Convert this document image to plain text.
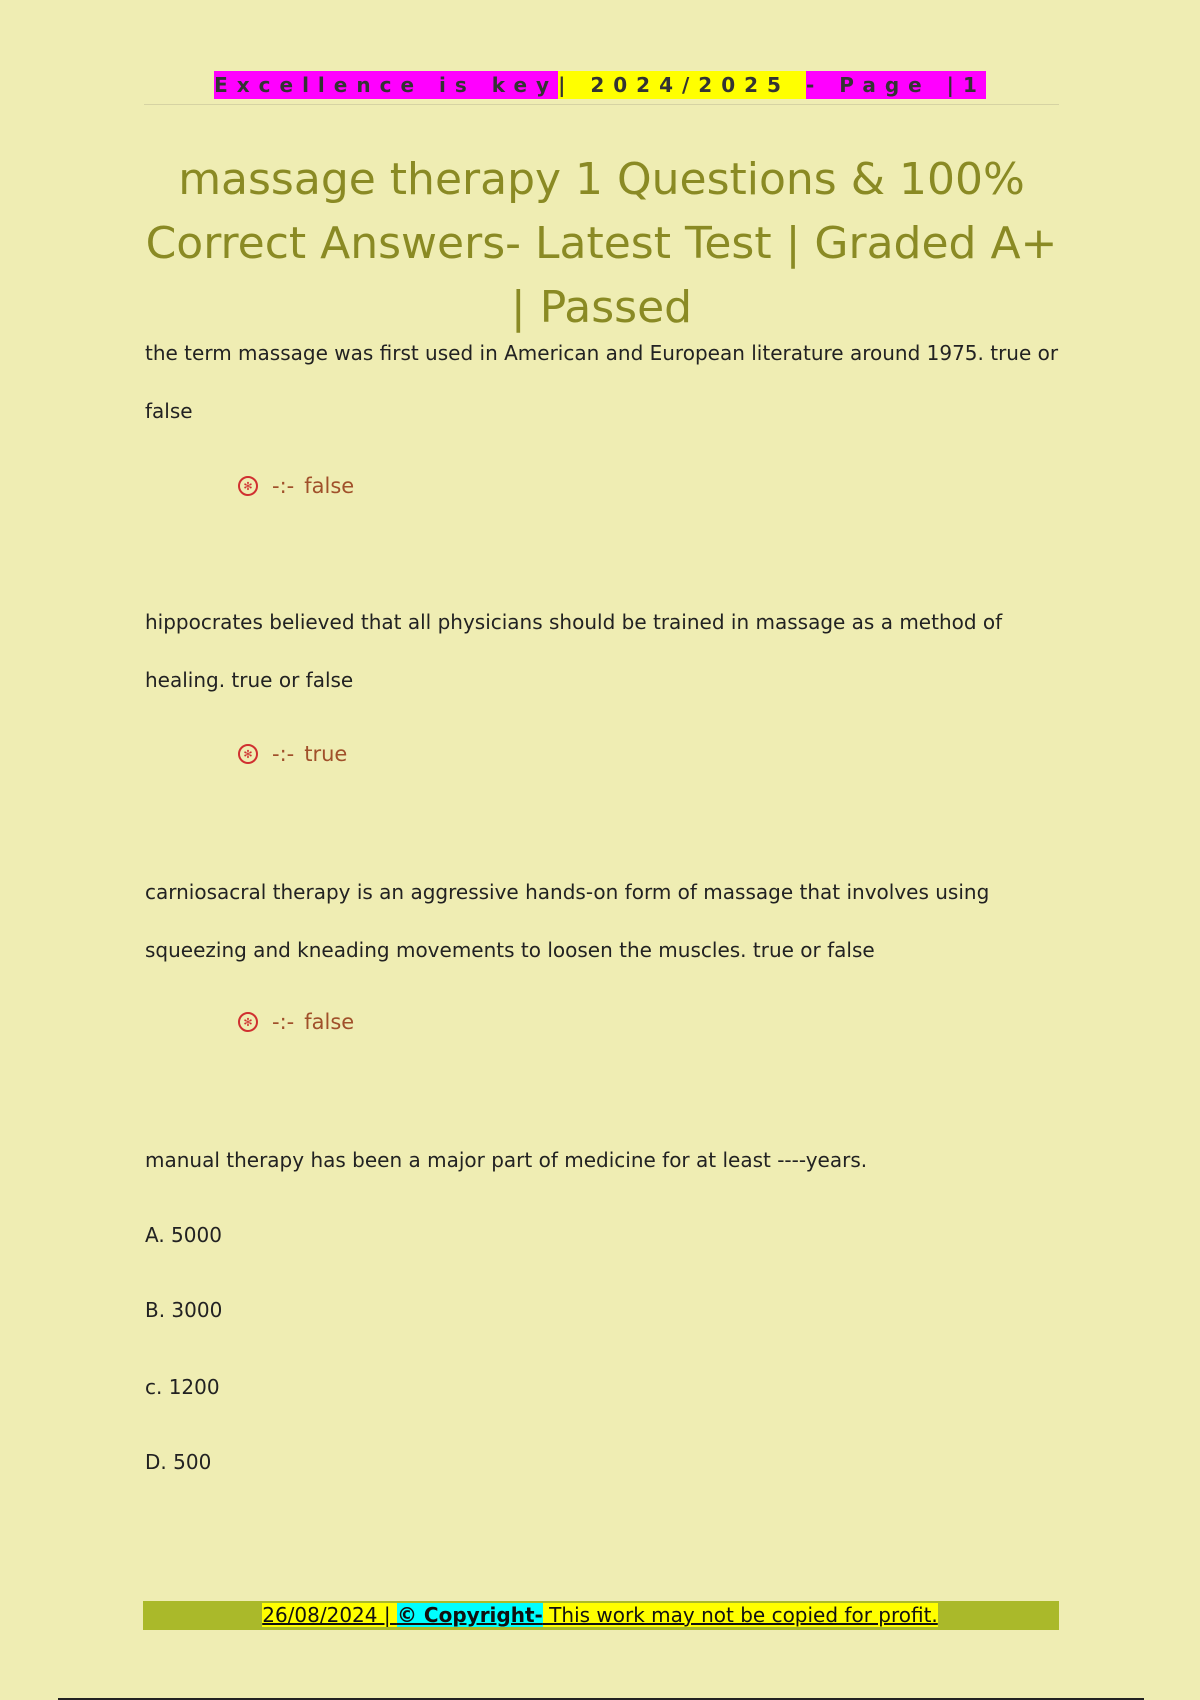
Excellence is key| 2024/2025 - Page |1
massage therapy 1 Questions & 100% Correct Answers- Latest Test | Graded A+ | Passed
the term massage was first used in American and European literature around 1975. true or false
✻ -:- false
hippocrates believed that all physicians should be trained in massage as a method of healing. true or false
✻ -:- true
carniosacral therapy is an aggressive hands-on form of massage that involves using squeezing and kneading movements to loosen the muscles. true or false
✻ -:- false
manual therapy has been a major part of medicine for at least ----years.
A. 5000
B. 3000
c. 1200
D. 500
26/08/2024 | © Copyright- This work may not be copied for profit.
